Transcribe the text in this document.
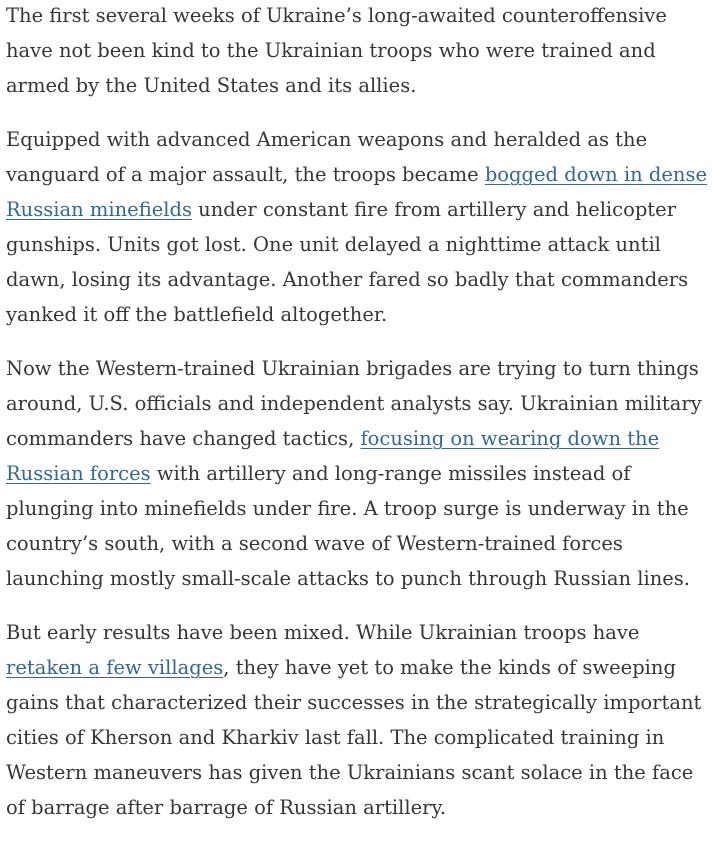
The first several weeks of Ukraine’s long-awaited counteroffensive have not been kind to the Ukrainian troops who were trained and armed by the United States and its allies.

Equipped with advanced American weapons and heralded as the vanguard of a major assault, the troops became bogged down in dense Russian minefields under constant fire from artillery and helicopter gunships. Units got lost. One unit delayed a nighttime attack until dawn, losing its advantage. Another fared so badly that commanders yanked it off the battlefield altogether.

Now the Western-trained Ukrainian brigades are trying to turn things around, U.S. officials and independent analysts say. Ukrainian military commanders have changed tactics, focusing on wearing down the Russian forces with artillery and long-range missiles instead of plunging into minefields under fire. A troop surge is underway in the country’s south, with a second wave of Western-trained forces launching mostly small-scale attacks to punch through Russian lines.

But early results have been mixed. While Ukrainian troops have retaken a few villages, they have yet to make the kinds of sweeping gains that characterized their successes in the strategically important cities of Kherson and Kharkiv last fall. The complicated training in Western maneuvers has given the Ukrainians scant solace in the face of barrage after barrage of Russian artillery.
